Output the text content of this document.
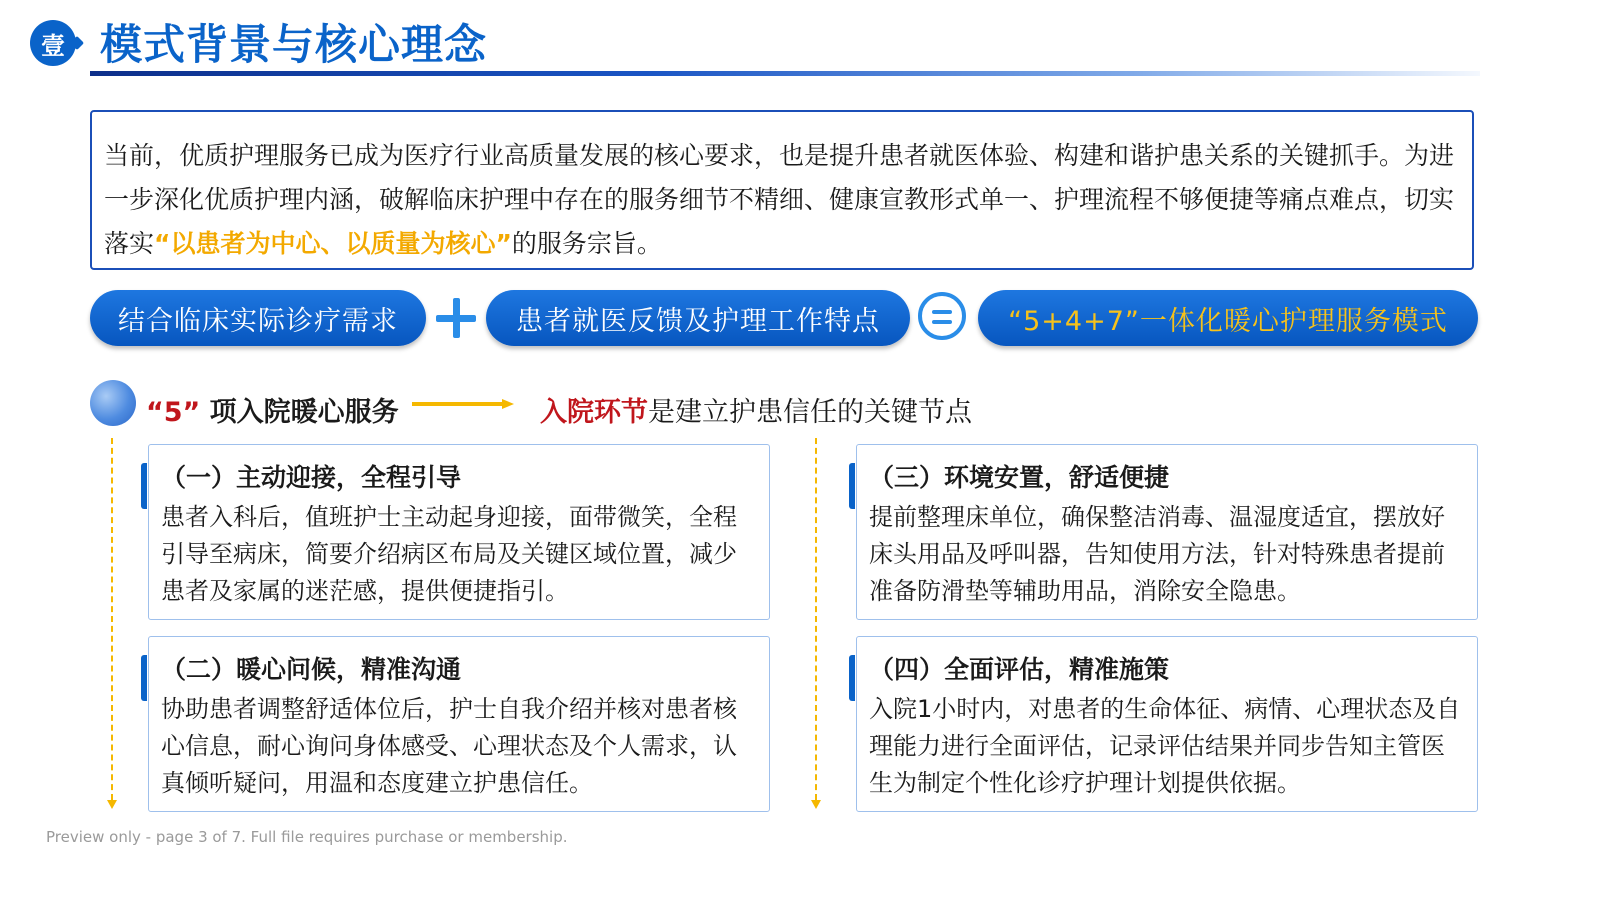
壹 模式背景与核心理念
当前，优质护理服务已成为医疗行业高质量发展的核心要求，也是提升患者就医体验、构建和谐护患关系的关键抓手。为进一步深化优质护理内涵，破解临床护理中存在的服务细节不精细、健康宣教形式单一、护理流程不够便捷等痛点难点，切实落实“以患者为中心、以质量为核心”的服务宗旨。
结合临床实际诊疗需求	患者就医反馈及护理工作特点	“5+4+7”一体化暖心护理服务模式
“5” 项入院暖心服务	入院环节是建立护患信任的关键节点
（一）主动迎接，全程引导
患者入科后，值班护士主动起身迎接，面带微笑，全程引导至病床，简要介绍病区布局及关键区域位置，减少患者及家属的迷茫感，提供便捷指引。
（二）暖心问候，精准沟通
协助患者调整舒适体位后，护士自我介绍并核对患者核心信息，耐心询问身体感受、心理状态及个人需求，认真倾听疑问，用温和态度建立护患信任。
（三）环境安置，舒适便捷
提前整理床单位，确保整洁消毒、温湿度适宜，摆放好床头用品及呼叫器，告知使用方法，针对特殊患者提前准备防滑垫等辅助用品，消除安全隐患。
（四）全面评估，精准施策
入院1小时内，对患者的生命体征、病情、心理状态及自理能力进行全面评估，记录评估结果并同步告知主管医生为制定个性化诊疗护理计划提供依据。
Preview only - page 3 of 7. Full file requires purchase or membership.
